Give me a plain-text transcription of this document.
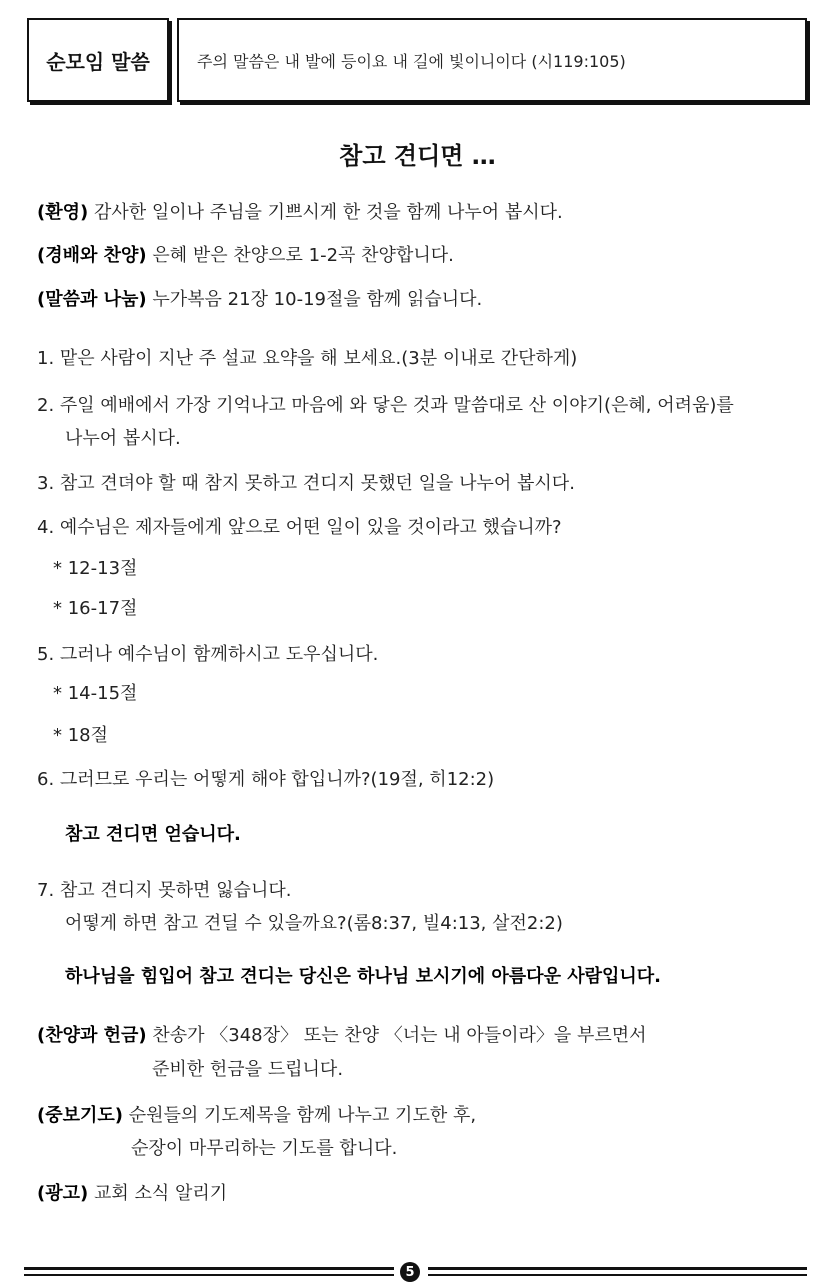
순모임 말씀	주의 말씀은 내 발에 등이요 내 길에 빛이니이다 (시119:105)
참고 견디면 …
(환영) 감사한 일이나 주님을 기쁘시게 한 것을 함께 나누어 봅시다.
(경배와 찬양) 은혜 받은 찬양으로 1-2곡 찬양합니다.
(말씀과 나눔) 누가복음 21장 10-19절을 함께 읽습니다.
1. 맡은 사람이 지난 주 설교 요약을 해 보세요.(3분 이내로 간단하게)
2. 주일 예배에서 가장 기억나고 마음에 와 닿은 것과 말씀대로 산 이야기(은혜, 어려움)를
나누어 봅시다.
3. 참고 견뎌야 할 때 참지 못하고 견디지 못했던 일을 나누어 봅시다.
4. 예수님은 제자들에게 앞으로 어떤 일이 있을 것이라고 했습니까?
* 12-13절
* 16-17절
5. 그러나 예수님이 함께하시고 도우십니다.
* 14-15절
* 18절
6. 그러므로 우리는 어떻게 해야 합입니까?(19절, 히12:2)
참고 견디면 얻습니다.
7. 참고 견디지 못하면 잃습니다.
어떻게 하면 참고 견딜 수 있을까요?(롬8:37, 빌4:13, 살전2:2)
하나님을 힘입어 참고 견디는 당신은 하나님 보시기에 아름다운 사람입니다.
(찬양과 헌금) 찬송가 〈348장〉 또는 찬양 〈너는 내 아들이라〉을 부르면서
준비한 헌금을 드립니다.
(중보기도) 순원들의 기도제목을 함께 나누고 기도한 후,
순장이 마무리하는 기도를 합니다.
(광고) 교회 소식 알리기
5
